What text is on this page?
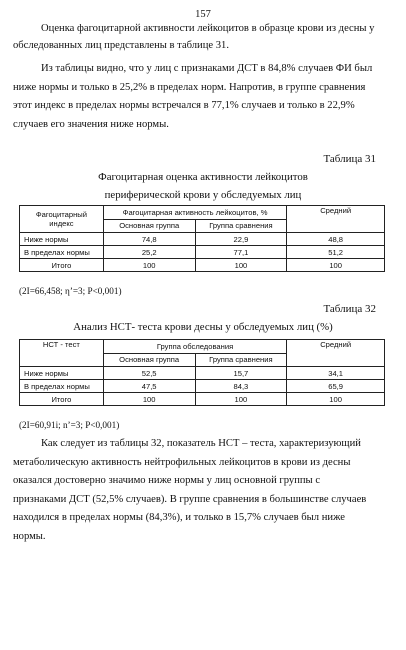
157
Оценка фагоцитарной активности лейкоцитов в образце крови из десны у
обследованных лиц представлены в таблице 31.
Из таблицы видно, что у лиц с признаками ДСТ в 84,8% случаев ФИ был
ниже нормы и только в 25,2% в пределах норм. Напротив, в группе сравнения
этот индекс в пределах нормы встречался в 77,1% случаев и только в 22,9%
случаев его значения ниже нормы.
Таблица 31
Фагоцитарная оценка активности лейкоцитов
периферической крови у обследуемых лиц
Фагоцитарный
индекс	Фагоцитарная активность лейкоцитов, %		Средний
	Основная группа	Группа сравнения	
Ниже нормы	74,8	22,9	48,8
В пределах нормы	25,2	77,1	51,2
Итого	100	100	100
(2I=66,458; η’=3; P<0,001)
Таблица 32
Анализ НСТ- теста крови десны у обследуемых лиц (%)
НСТ - тест	Группа обследования		Средний
	Основная группа	Группа сравнения	
Ниже нормы	52,5	15,7	34,1
В пределах нормы	47,5	84,3	65,9
Итого	100	100	100
(2I=60,91i; n’=3; P<0,001)
Как следует из таблицы 32, показатель НСТ – теста, характеризующий
метаболическую активность нейтрофильных лейкоцитов в крови из десны
оказался достоверно значимо ниже нормы у лиц основной группы с
признаками ДСТ (52,5% случаев). В группе сравнения в большинстве случаев
находился в пределах нормы (84,3%), и только в 15,7% случаев был ниже
нормы.
